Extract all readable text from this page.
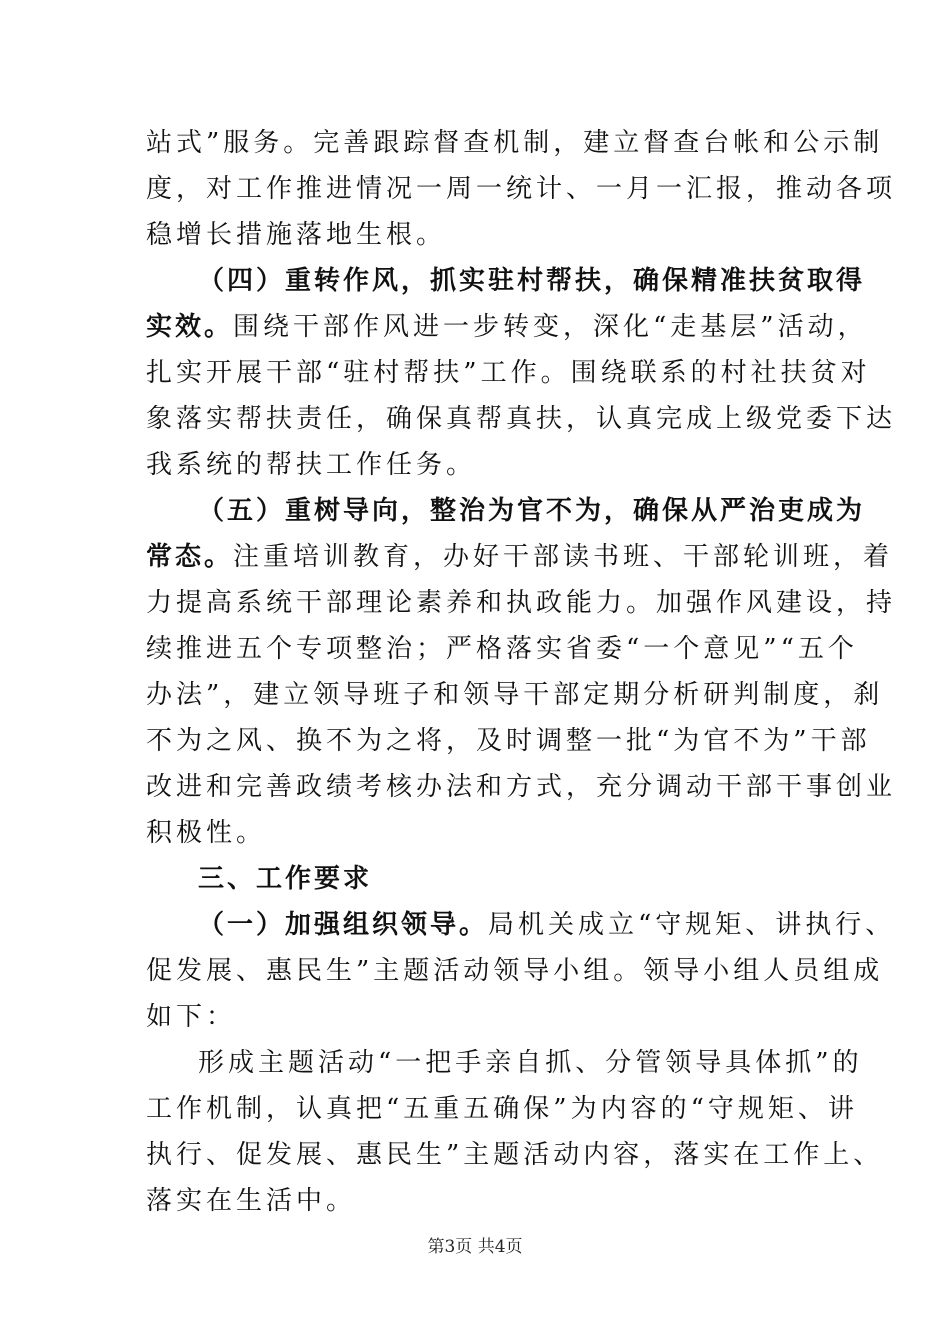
站式”服务。完善跟踪督查机制，建立督查台帐和公示制
度，对工作推进情况一周一统计、一月一汇报，推动各项
稳增长措施落地生根。
（四）重转作风，抓实驻村帮扶，确保精准扶贫取得
实效。围绕干部作风进一步转变，深化“走基层”活动，
扎实开展干部“驻村帮扶”工作。围绕联系的村社扶贫对
象落实帮扶责任，确保真帮真扶，认真完成上级党委下达
我系统的帮扶工作任务。
（五）重树导向，整治为官不为，确保从严治吏成为
常态。注重培训教育，办好干部读书班、干部轮训班，着
力提高系统干部理论素养和执政能力。加强作风建设，持
续推进五个专项整治；严格落实省委“一个意见”“五个
办法”，建立领导班子和领导干部定期分析研判制度，刹
不为之风、换不为之将，及时调整一批“为官不为”干部
改进和完善政绩考核办法和方式，充分调动干部干事创业
积极性。
三、工作要求
（一）加强组织领导。局机关成立“守规矩、讲执行、
促发展、惠民生”主题活动领导小组。领导小组人员组成
如下：
形成主题活动“一把手亲自抓、分管领导具体抓”的
工作机制，认真把“五重五确保”为内容的“守规矩、讲
执行、促发展、惠民生”主题活动内容，落实在工作上、
落实在生活中。
第3页 共4页
